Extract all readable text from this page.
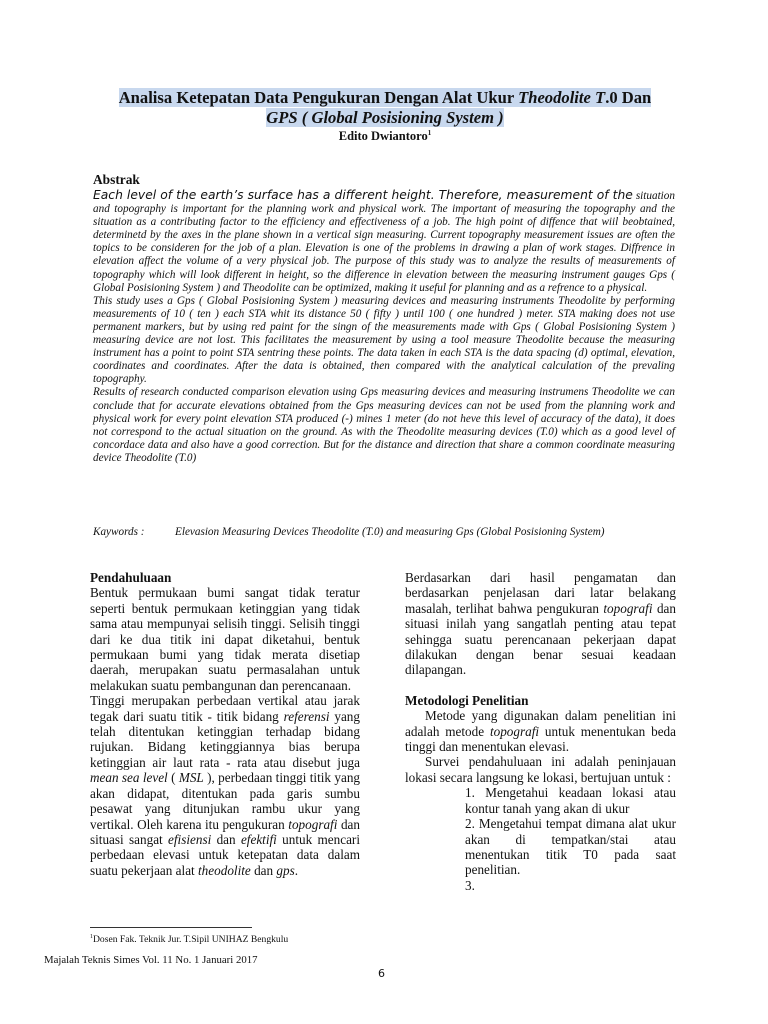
Analisa Ketepatan Data Pengukuran Dengan Alat Ukur Theodolite T.0 Dan
GPS ( Global Posisioning System )
Edito Dwiantoro$^1$
Abstrak

Each level of the earth’s surface has a different height. Therefore, measurement of the situation and topography is important for the planning work and physical work. The important of measuring the topography and the situation as a contributing factor to the efficiency and effectiveness of a job. The high point of diffence that wiil beobtained, determinetd by the axes in the plane shown in a vertical sign measuring. Current topography measurement issues are often the topics to be consideren for the job of a plan. Elevation is one of the problems in drawing a plan of work stages. Diffrence in elevation affect the volume of a very physical job. The purpose of this study was to analyze the results of measurements of topography which will look different in height, so the difference in elevation between the measuring instrument gauges Gps ( Global Posisioning System ) and Theodolite can be optimized, making it useful for planning and as a refrence to a physical.

This study uses a Gps ( Global Posisioning System ) measuring devices and measuring instruments Theodolite by performing measurements of 10 ( ten ) each STA whit its distance 50 ( fifty ) until 100 ( one hundred ) meter. STA making does not use permanent markers, but by using red paint for the singn of the measurements made with Gps ( Global Posisioning System ) measuring device are not lost. This facilitates the measurement by using a tool measure Theodolite because the measuring instrument has a point to point STA sentring these points. The data taken in each STA is the data spacing (d) optimal, elevation, coordinates and coordinates. After the data is obtained, then compared with the analytical calculation of the prevaling topography.

Results of research conducted comparison elevation using Gps measuring devices and measuring instrumens Theodolite we can conclude that for accurate elevations obtained from the Gps measuring devices can not be used from the planning work and physical work for every point elevation STA produced (-) mines 1 meter (do not heve this level of accuracy of the data), it does not correspond to the actual situation on the ground. As with the Theodolite measuring devices (T.0) which as a good level of concordace data and also have a good correction. But for the distance and direction that share a common coordinate measuring device Theodolite (T.0)

Kaywords :	Elevasion Measuring Devices Theodolite (T.0) and measuring Gps (Global Posisioning System)

Pendahuluaan

Bentuk permukaan bumi sangat tidak teratur seperti bentuk permukaan ketinggian yang tidak sama atau mempunyai selisih tinggi. Selisih tinggi dari ke dua titik ini dapat diketahui, bentuk permukaan bumi yang tidak merata disetiap daerah, merupakan suatu permasalahan untuk melakukan suatu pembangunan dan perencanaan.

Tinggi merupakan perbedaan vertikal atau jarak tegak dari suatu titik - titik bidang referensi yang telah ditentukan ketinggian terhadap bidang rujukan. Bidang ketinggiannya bias berupa ketinggian air laut rata - rata atau disebut juga mean sea level ( MSL ), perbedaan tinggi titik yang akan didapat, ditentukan pada garis sumbu pesawat yang ditunjukan rambu ukur yang vertikal. Oleh karena itu pengukuran topografi dan situasi sangat efisiensi dan efektifi untuk mencari perbedaan elevasi untuk ketepatan data dalam suatu pekerjaan alat theodolite dan gps.

Berdasarkan dari hasil pengamatan dan berdasarkan penjelasan dari latar belakang masalah, terlihat bahwa pengukuran topografi dan situasi inilah yang sangatlah penting atau tepat sehingga suatu perencanaan pekerjaan dapat dilakukan dengan benar sesuai keadaan dilapangan.

Metodologi Penelitian

Metode yang digunakan dalam penelitian ini adalah metode topografi untuk menentukan beda tinggi dan menentukan elevasi.

Survei pendahuluaan ini adalah peninjauan lokasi secara langsung ke lokasi, bertujuan untuk :

1. Mengetahui keadaan lokasi atau kontur tanah yang akan di ukur

2. Mengetahui tempat dimana alat ukur akan di tempatkan/stai atau menentukan titik T0 pada saat penelitian.

3.

$^1$Dosen Fak. Teknik Jur. T.Sipil UNIHAZ Bengkulu
Majalah Teknis Simes Vol. 11 No. 1 Januari 2017
6
